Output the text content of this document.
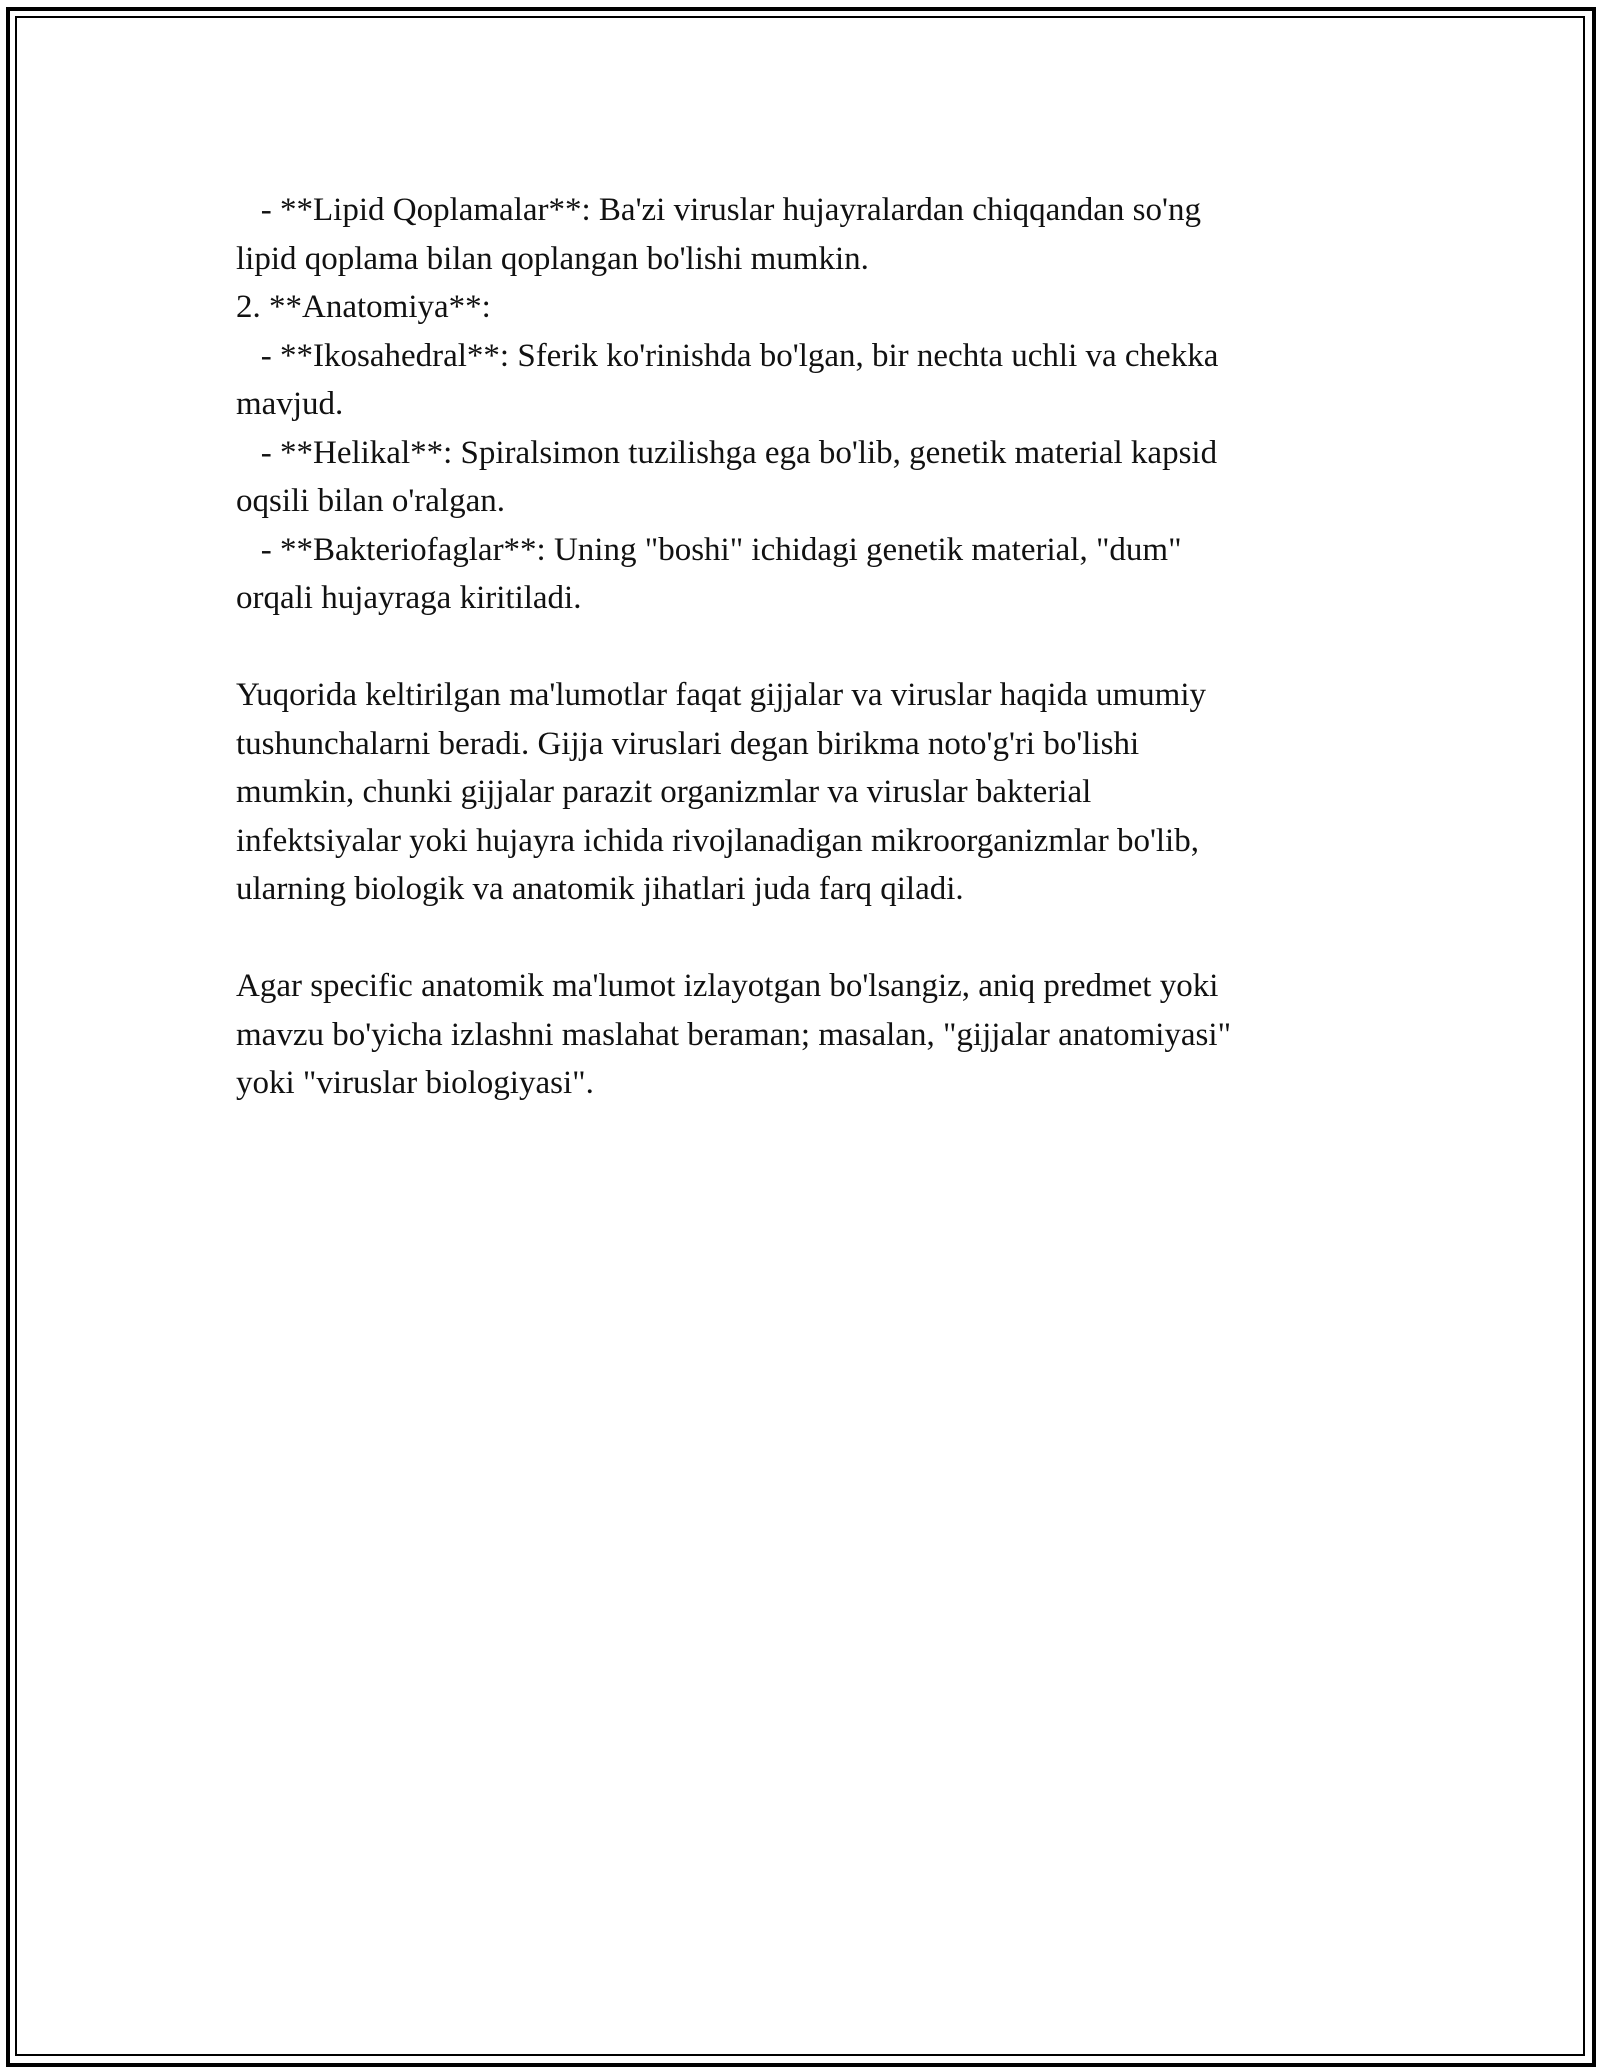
- **Lipid Qoplamalar**: Ba'zi viruslar hujayralardan chiqqandan so'ng
lipid qoplama bilan qoplangan bo'lishi mumkin.
2. **Anatomiya**:
- **Ikosahedral**: Sferik ko'rinishda bo'lgan, bir nechta uchli va chekka
mavjud.
- **Helikal**: Spiralsimon tuzilishga ega bo'lib, genetik material kapsid
oqsili bilan o'ralgan.
- **Bakteriofaglar**: Uning "boshi" ichidagi genetik material, "dum"
orqali hujayraga kiritiladi.
Yuqorida keltirilgan ma'lumotlar faqat gijjalar va viruslar haqida umumiy
tushunchalarni beradi. Gijja viruslari degan birikma noto'g'ri bo'lishi
mumkin, chunki gijjalar parazit organizmlar va viruslar bakterial
infektsiyalar yoki hujayra ichida rivojlanadigan mikroorganizmlar bo'lib,
ularning biologik va anatomik jihatlari juda farq qiladi.
Agar specific anatomik ma'lumot izlayotgan bo'lsangiz, aniq predmet yoki
mavzu bo'yicha izlashni maslahat beraman; masalan, "gijjalar anatomiyasi"
yoki "viruslar biologiyasi".
